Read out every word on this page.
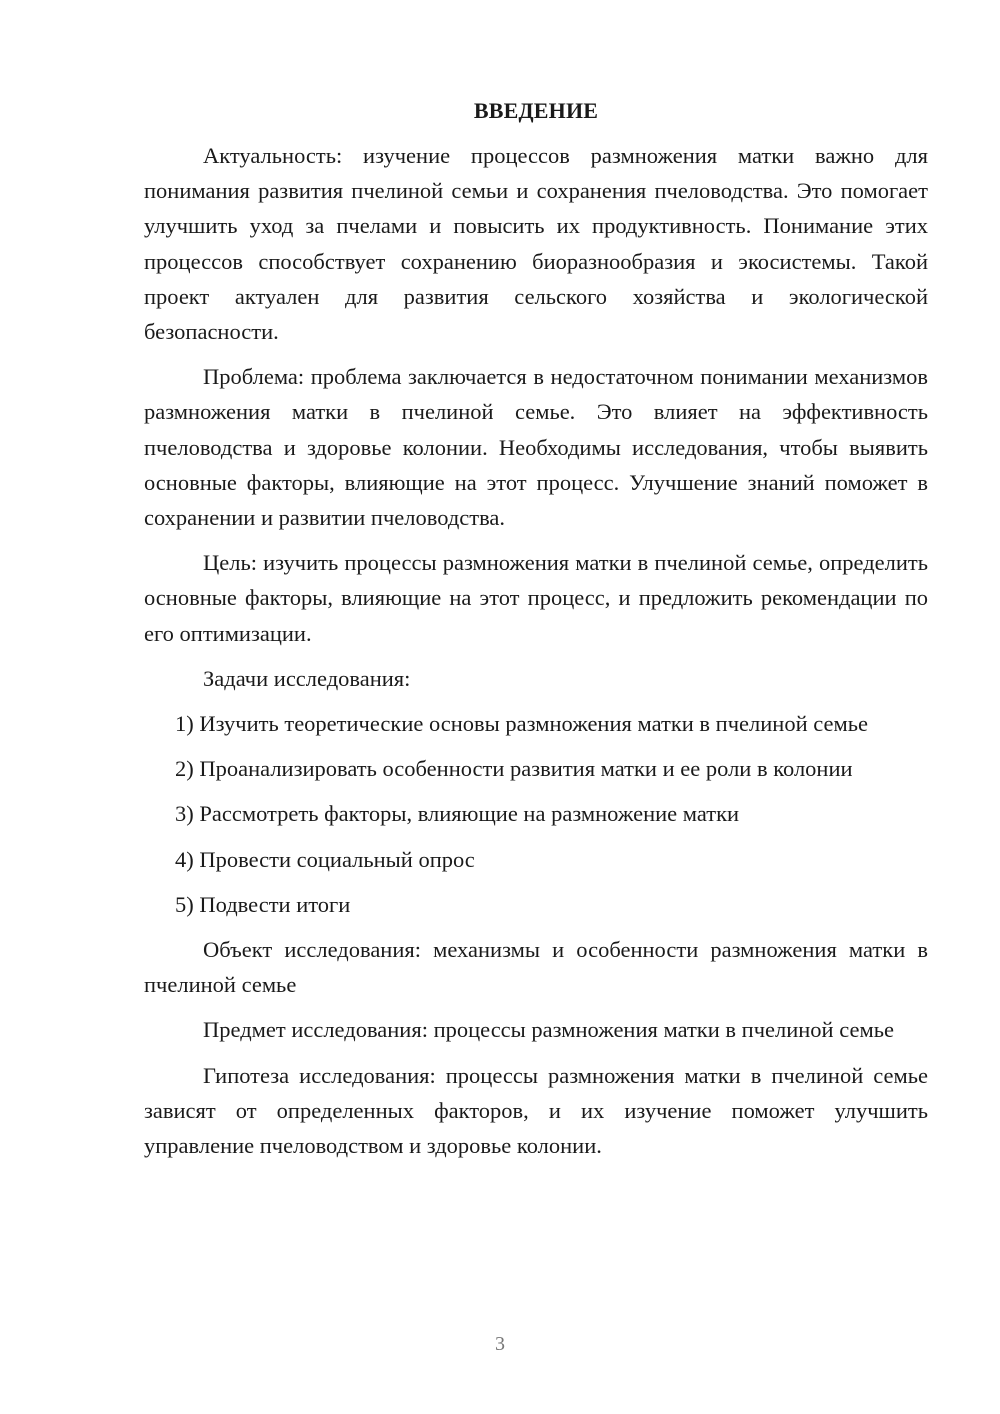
ВВЕДЕНИЕ

Актуальность: изучение процессов размножения матки важно для понимания развития пчелиной семьи и сохранения пчеловодства. Это помогает улучшить уход за пчелами и повысить их продуктивность. Понимание этих процессов способствует сохранению биоразнообразия и экосистемы. Такой проект актуален для развития сельского хозяйства и экологической безопасности.

Проблема: проблема заключается в недостаточном понимании механизмов размножения матки в пчелиной семье. Это влияет на эффективность пчеловодства и здоровье колонии. Необходимы исследования, чтобы выявить основные факторы, влияющие на этот процесс. Улучшение знаний поможет в сохранении и развитии пчеловодства.

Цель: изучить процессы размножения матки в пчелиной семье, определить основные факторы, влияющие на этот процесс, и предложить рекомендации по его оптимизации.

Задачи исследования:

1) Изучить теоретические основы размножения матки в пчелиной семье

2) Проанализировать особенности развития матки и ее роли в колонии

3) Рассмотреть факторы, влияющие на размножение матки

4) Провести социальный опрос

5) Подвести итоги

Объект исследования: механизмы и особенности размножения матки в пчелиной семье

Предмет исследования: процессы размножения матки в пчелиной семье

Гипотеза исследования: процессы размножения матки в пчелиной семье зависят от определенных факторов, и их изучение поможет улучшить управление пчеловодством и здоровье колонии.

3
